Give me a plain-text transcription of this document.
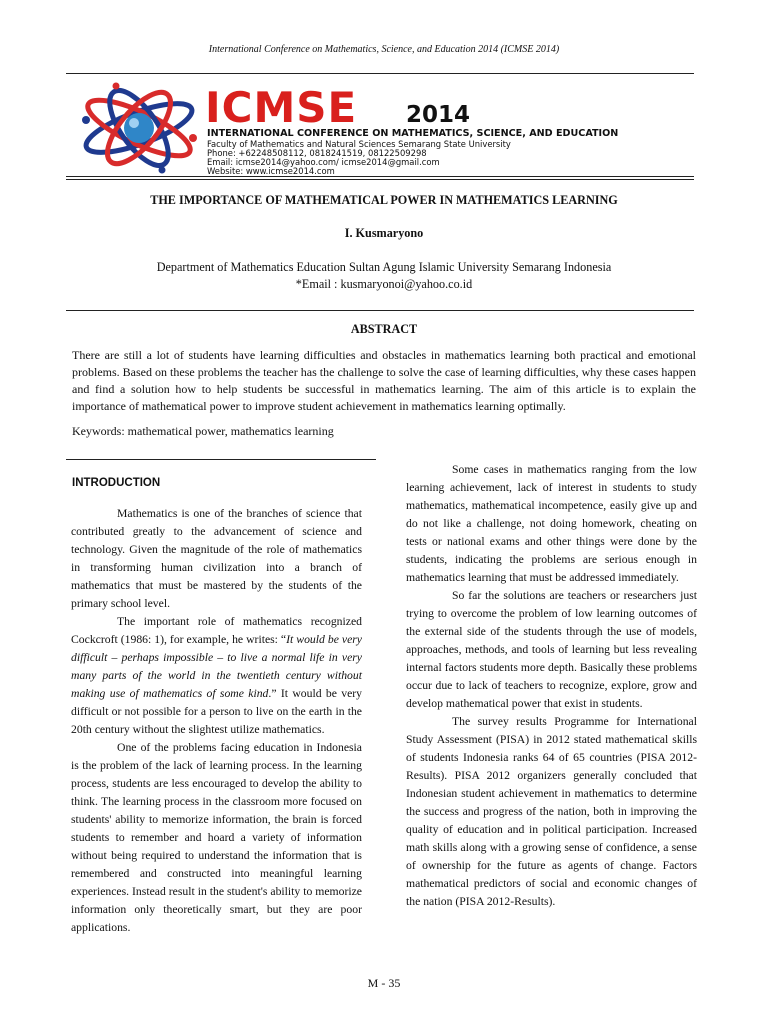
International Conference on Mathematics, Science, and Education 2014 (ICMSE 2014)
ICMSE 2014
INTERNATIONAL CONFERENCE ON MATHEMATICS, SCIENCE, AND EDUCATION
Faculty of Mathematics and Natural Sciences Semarang State University
Phone: +62248508112, 0818241519, 08122509298
Email: icmse2014@yahoo.com/ icmse2014@gmail.com
Website: www.icmse2014.com
THE IMPORTANCE OF MATHEMATICAL POWER IN MATHEMATICS LEARNING
I. Kusmaryono
Department of Mathematics Education Sultan Agung Islamic University Semarang Indonesia
*Email : kusmaryonoi@yahoo.co.id
ABSTRACT
There are still a lot of students have learning difficulties and obstacles in mathematics learning both practical and emotional problems. Based on these problems the teacher has the challenge to solve the case of learning difficulties, why these cases happen and find a solution how to help students be successful in mathematics learning. The aim of this article is to explain the importance of mathematical power to improve student achievement in mathematics learning optimally.
Keywords: mathematical power, mathematics learning
INTRODUCTION

Mathematics is one of the branches of science that contributed greatly to the advancement of science and technology. Given the magnitude of the role of mathematics in transforming human civilization into a branch of mathematics that must be mastered by the students of the primary school level.

The important role of mathematics recognized Cockcroft (1986: 1), for example, he writes: “It would be very difficult – perhaps impossible – to live a normal life in very many parts of the world in the twentieth century without making use of mathematics of some kind.” It would be very difficult or not possible for a person to live on the earth in the 20th century without the slightest utilize mathematics.

One of the problems facing education in Indonesia is the problem of the lack of learning process. In the learning process, students are less encouraged to develop the ability to think. The learning process in the classroom more focused on students' ability to memorize information, the brain is forced students to remember and hoard a variety of information without being required to understand the information that is remembered and constructed into meaningful learning experiences. Instead result in the student's ability to memorize information only theoretically smart, but they are poor applications.

Some cases in mathematics ranging from the low learning achievement, lack of interest in students to study mathematics, mathematical incompetence, easily give up and do not like a challenge, not doing homework, cheating on tests or national exams and other things were done by the students, indicating the problems are serious enough in mathematics learning that must be addressed immediately.

So far the solutions are teachers or researchers just trying to overcome the problem of low learning outcomes of the external side of the students through the use of models, approaches, methods, and tools of learning but less revealing internal factors students more depth. Basically these problems occur due to lack of teachers to recognize, explore, grow and develop mathematical power that exist in students.

The survey results Programme for International Study Assessment (PISA) in 2012 stated mathematical skills of students Indonesia ranks 64 of 65 countries (PISA 2012-Results). PISA 2012 organizers generally concluded that Indonesian student achievement in mathematics to determine the success and progress of the nation, both in improving the quality of education and in political participation. Increased math skills along with a growing sense of confidence, a sense of ownership for the future as agents of change. Factors mathematical predictors of social and economic changes of the nation (PISA 2012-Results).

M - 35
